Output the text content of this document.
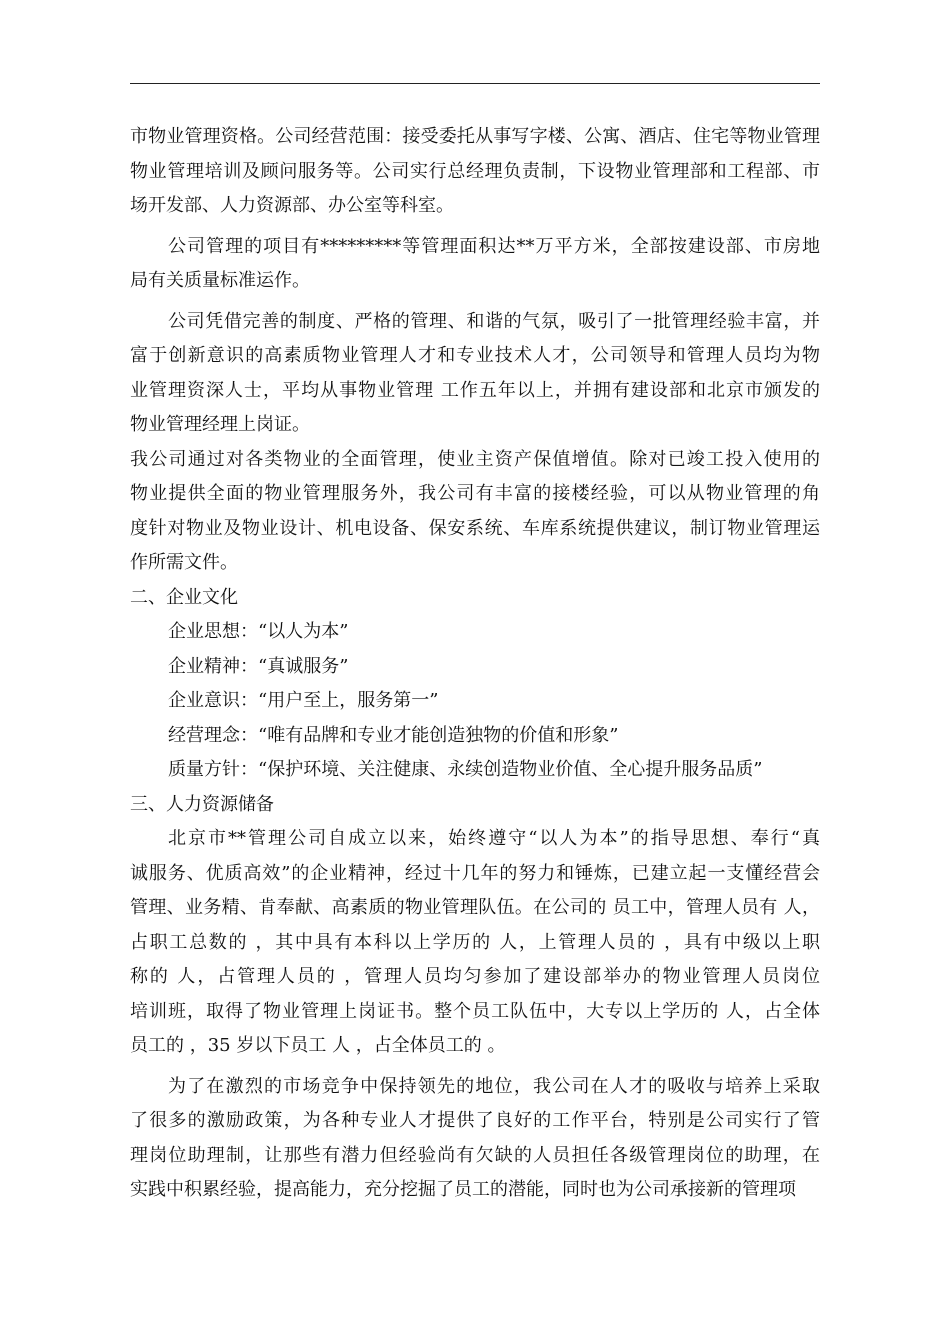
市物业管理资格。公司经营范围：接受委托从事写字楼、公寓、酒店、住宅等物业管理
物业管理培训及顾问服务等。公司实行总经理负责制，下设物业管理部和工程部、市
场开发部、人力资源部、办公室等科室。
公司管理的项目有*********等管理面积达**万平方米，全部按建设部、市房地
局有关质量标准运作。
公司凭借完善的制度、严格的管理、和谐的气氛，吸引了一批管理经验丰富，并
富于创新意识的高素质物业管理人才和专业技术人才，公司领导和管理人员均为物
业管理资深人士，平均从事物业管理 工作五年以上，并拥有建设部和北京市颁发的
物业管理经理上岗证。
我公司通过对各类物业的全面管理，使业主资产保值增值。除对已竣工投入使用的
物业提供全面的物业管理服务外，我公司有丰富的接楼经验，可以从物业管理的角
度针对物业及物业设计、机电设备、保安系统、车库系统提供建议，制订物业管理运
作所需文件。
二、企业文化
企业思想：“以人为本”
企业精神：“真诚服务”
企业意识：“用户至上，服务第一”
经营理念：“唯有品牌和专业才能创造独物的价值和形象”
质量方针：“保护环境、关注健康、永续创造物业价值、全心提升服务品质”
三、人力资源储备
北京市**管理公司自成立以来，始终遵守“以人为本”的指导思想、奉行“真
诚服务、优质高效”的企业精神，经过十几年的努力和锤炼，已建立起一支懂经营会
管理、业务精、肯奉献、高素质的物业管理队伍。在公司的 员工中，管理人员有 人，
占职工总数的 ，其中具有本科以上学历的 人，上管理人员的 ，具有中级以上职
称的 人，占管理人员的 ，管理人员均匀参加了建设部举办的物业管理人员岗位
培训班，取得了物业管理上岗证书。整个员工队伍中，大专以上学历的 人，占全体
员工的 ，35 岁以下员工 人 ，占全体员工的 。
为了在激烈的市场竞争中保持领先的地位，我公司在人才的吸收与培养上采取
了很多的激励政策，为各种专业人才提供了良好的工作平台，特别是公司实行了管
理岗位助理制，让那些有潜力但经验尚有欠缺的人员担任各级管理岗位的助理，在
实践中积累经验，提高能力，充分挖掘了员工的潜能，同时也为公司承接新的管理项
